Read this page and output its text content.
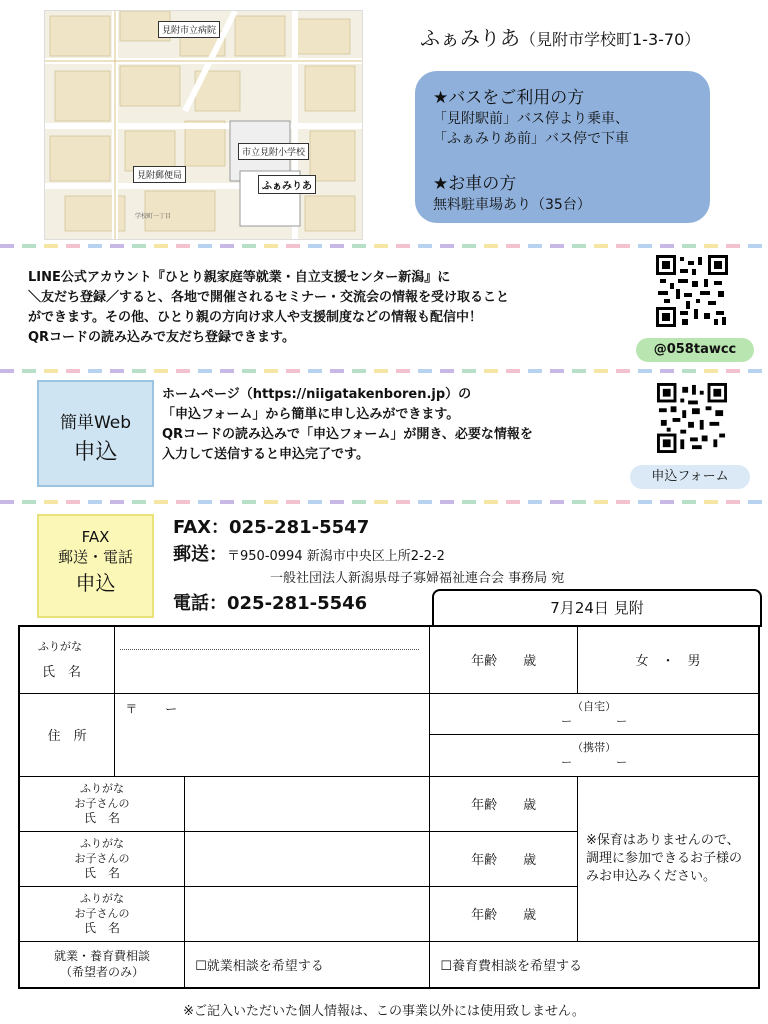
見附市立病院
市立見附小学校
見附郵便局
ふぁみりあ
学校町一丁目
ふぁみりあ（見附市学校町1-3-70）
★バスをご利用の方
「見附駅前」バス停より乗車、
「ふぁみりあ前」バス停で下車
★お車の方
無料駐車場あり（35台）
LINE公式アカウント『ひとり親家庭等就業・自立支援センター新潟』に
＼友だち登録／すると、各地で開催されるセミナー・交流会の情報を受け取ること
ができます。その他、ひとり親の方向け求人や支援制度などの情報も配信中！
QRコードの読み込みで友だち登録できます。
@058tawcc
簡単Web
申込
ホームページ（https://niigatakenboren.jp）の
「申込フォーム」から簡単に申し込みができます。
QRコードの読み込みで「申込フォーム」が開き、必要な情報を
入力して送信すると申込完了です。
申込フォーム
FAX
郵送・電話
申込
FAX：025-281-5547
郵送：〒950-0994 新潟市中央区上所2-2-2
一般社団法人新潟県母子寡婦福祉連合会 事務局 宛
電話：025-281-5546	7月24日 見附
ふりがな
氏　名			年齢　　歳	女　・　男
住　所	〒　　 ー		（自宅）
ー　　　　ー	

			（携帯）
ー　　　　ー	

ふりがな
お子さんの
氏　名			年齢　　歳	※保育はありませんので、調理に参加できるお子様のみお申込みください。

ふりがな
お子さんの
氏　名			年齢　　歳	

ふりがな
お子さんの
氏　名			年齢　　歳	

就業・養育費相談
（希望者のみ）		☐就業相談を希望する	☐養育費相談を希望する	
※ご記入いただいた個人情報は、この事業以外には使用致しません。
